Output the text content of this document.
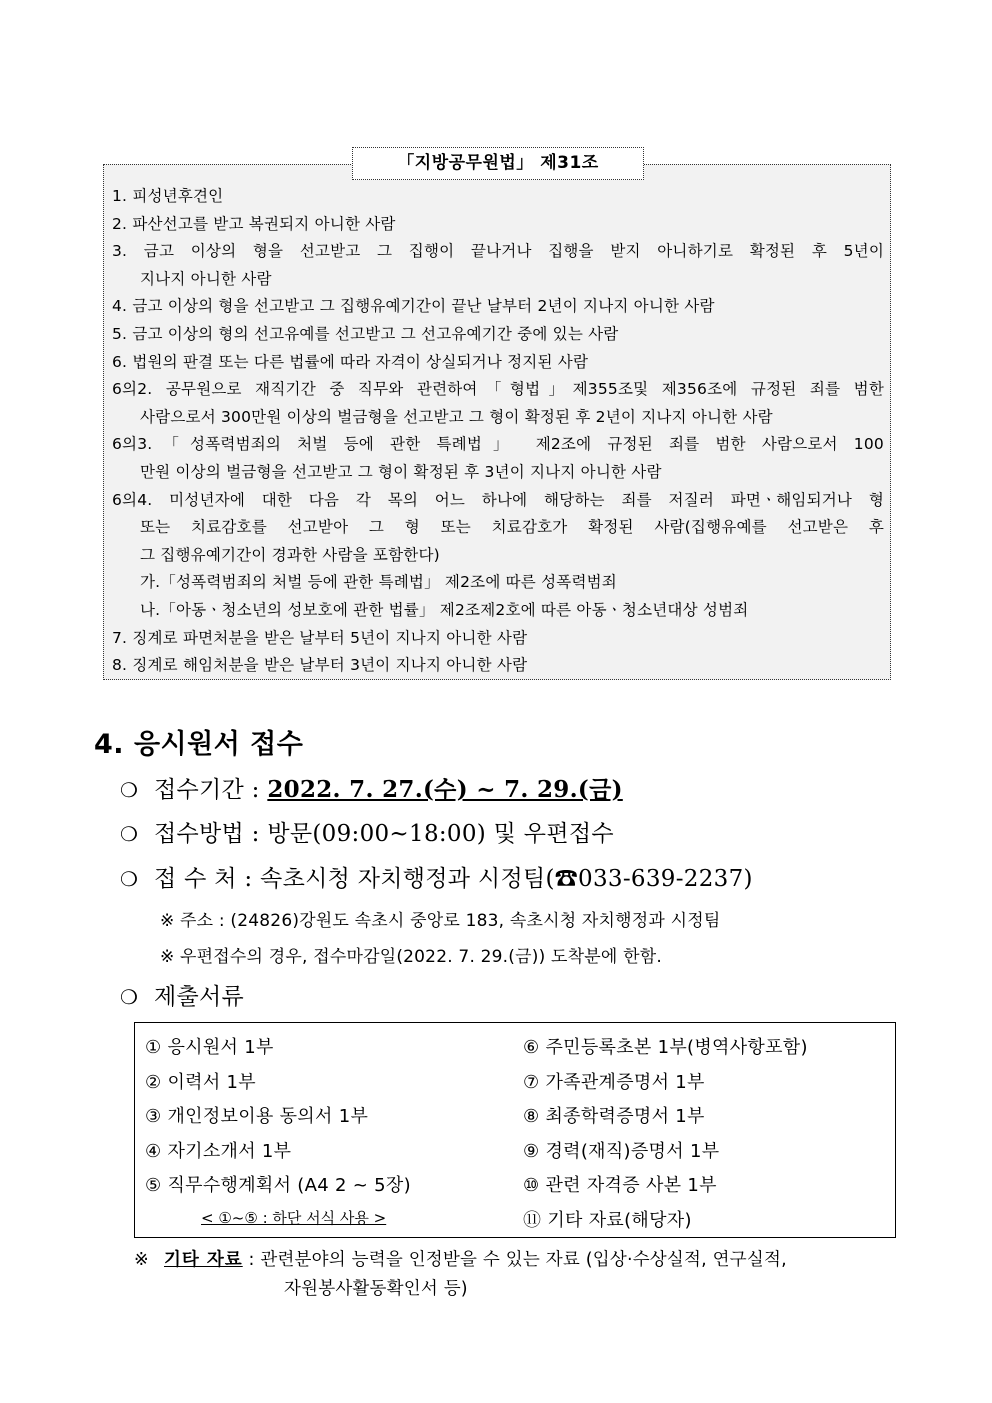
「지방공무원법」 제31조
1. 피성년후견인
2. 파산선고를 받고 복권되지 아니한 사람
3. 금고 이상의 형을 선고받고 그 집행이 끝나거나 집행을 받지 아니하기로 확정된 후 5년이
지나지 아니한 사람
4. 금고 이상의 형을 선고받고 그 집행유예기간이 끝난 날부터 2년이 지나지 아니한 사람
5. 금고 이상의 형의 선고유예를 선고받고 그 선고유예기간 중에 있는 사람
6. 법원의 판결 또는 다른 법률에 따라 자격이 상실되거나 정지된 사람
6의2. 공무원으로 재직기간 중 직무와 관련하여「형법」제355조및 제356조에 규정된 죄를 범한
사람으로서 300만원 이상의 벌금형을 선고받고 그 형이 확정된 후 2년이 지나지 아니한 사람
6의3.「성폭력범죄의 처벌 등에 관한 특례법」 제2조에 규정된 죄를 범한 사람으로서 100
만원 이상의 벌금형을 선고받고 그 형이 확정된 후 3년이 지나지 아니한 사람
6의4. 미성년자에 대한 다음 각 목의 어느 하나에 해당하는 죄를 저질러 파면ㆍ해임되거나 형
또는 치료감호를 선고받아 그 형 또는 치료감호가 확정된 사람(집행유예를 선고받은 후
그 집행유예기간이 경과한 사람을 포함한다)
가.「성폭력범죄의 처벌 등에 관한 특례법」 제2조에 따른 성폭력범죄
나.「아동ㆍ청소년의 성보호에 관한 법률」 제2조제2호에 따른 아동ㆍ청소년대상 성범죄
7. 징계로 파면처분을 받은 날부터 5년이 지나지 아니한 사람
8. 징계로 해임처분을 받은 날부터 3년이 지나지 아니한 사람
4. 응시원서 접수
❍ 접수기간 : 2022. 7. 27.(수) ~ 7. 29.(금)
❍ 접수방법 : 방문(09:00~18:00) 및 우편접수
❍ 접 수 처 : 속초시청 자치행정과 시정팀(☎033-639-2237)
※ 주소 : (24826)강원도 속초시 중앙로 183, 속초시청 자치행정과 시정팀
※ 우편접수의 경우, 접수마감일(2022. 7. 29.(금)) 도착분에 한함.
❍ 제출서류
① 응시원서 1부
② 이력서 1부
③ 개인정보이용 동의서 1부
④ 자기소개서 1부
⑤ 직무수행계획서 (A4 2 ~ 5장)
< ①~⑤ : 하단 서식 사용 >
⑥ 주민등록초본 1부(병역사항포함)
⑦ 가족관계증명서 1부
⑧ 최종학력증명서 1부
⑨ 경력(재직)증명서 1부
⑩ 관련 자격증 사본 1부
⑪ 기타 자료(해당자)
※ 기타 자료 : 관련분야의 능력을 인정받을 수 있는 자료 (입상·수상실적, 연구실적,
자원봉사활동확인서 등)
